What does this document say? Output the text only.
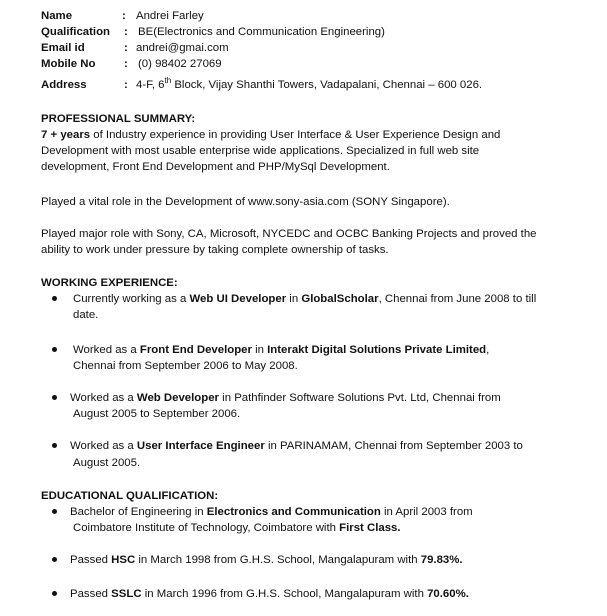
Name	: Andrei Farley
Qualification : BE(Electronics and Communication Engineering)
Email id	: andrei@gmai.com
Mobile No	: (0) 98402 27069
Address	: 4-F, 6th Block, Vijay Shanthi Towers, Vadapalani, Chennai – 600 026.
PROFESSIONAL SUMMARY:
7 + years of Industry experience in providing User Interface & User Experience Design and
Development with most usable enterprise wide applications. Specialized in full web site
development, Front End Development and PHP/MySql Development.
Played a vital role in the Development of www.sony-asia.com (SONY Singapore).
Played major role with Sony, CA, Microsoft, NYCEDC and OCBC Banking Projects and proved the
ability to work under pressure by taking complete ownership of tasks.
WORKING EXPERIENCE:
Currently working as a Web UI Developer in GlobalScholar, Chennai from June 2008 to till
date.
Worked as a Front End Developer in Interakt Digital Solutions Private Limited,
Chennai from September 2006 to May 2008.
Worked as a Web Developer in Pathfinder Software Solutions Pvt. Ltd, Chennai from
August 2005 to September 2006.
Worked as a User Interface Engineer in PARINAMAM, Chennai from September 2003 to
August 2005.
EDUCATIONAL QUALIFICATION:
Bachelor of Engineering in Electronics and Communication in April 2003 from
Coimbatore Institute of Technology, Coimbatore with First Class.
Passed HSC in March 1998 from G.H.S. School, Mangalapuram with 79.83%.
Passed SSLC in March 1996 from G.H.S. School, Mangalapuram with 70.60%.
